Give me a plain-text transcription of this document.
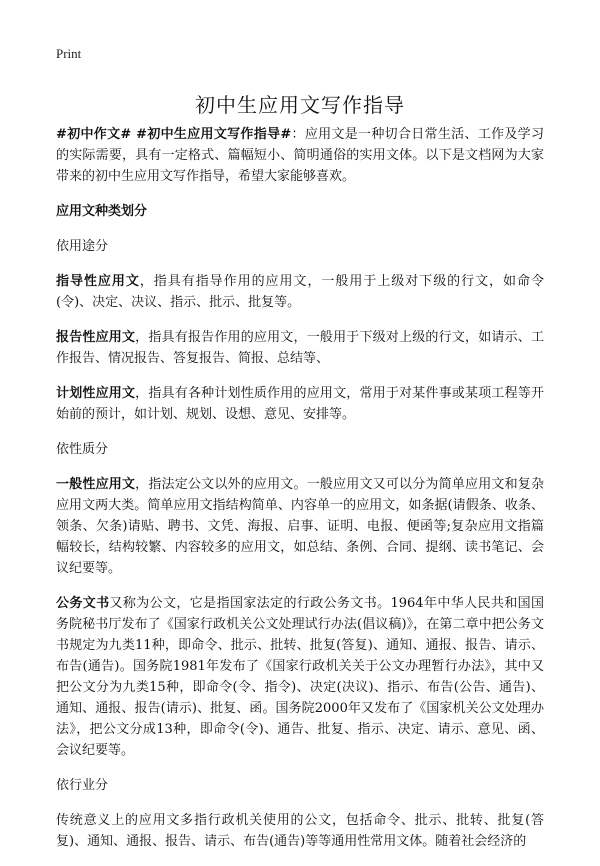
Print
初中生应用文写作指导

#初中作文# #初中生应用文写作指导#：应用文是一种切合日常生活、工作及学习的实际需要，具有一定格式、篇幅短小、简明通俗的实用文体。以下是文档网为大家带来的初中生应用文写作指导，希望大家能够喜欢。

应用文种类划分
依用途分

指导性应用文，指具有指导作用的应用文，一般用于上级对下级的行文，如命令(令)、决定、决议、指示、批示、批复等。

报告性应用文，指具有报告作用的应用文，一般用于下级对上级的行文，如请示、工作报告、情况报告、答复报告、简报、总结等、

计划性应用文，指具有各种计划性质作用的应用文，常用于对某件事或某项工程等开始前的预计，如计划、规划、设想、意见、安排等。

依性质分

一般性应用文，指法定公文以外的应用文。一般应用文又可以分为简单应用文和复杂应用文两大类。简单应用文指结构简单、内容单一的应用文，如条据(请假条、收条、领条、欠条)请贴、聘书、文凭、海报、启事、证明、电报、便函等;复杂应用文指篇幅较长，结构较繁、内容较多的应用文，如总结、条例、合同、提纲、读书笔记、会议纪要等。

公务文书又称为公文，它是指国家法定的行政公务文书。1964年中华人民共和国国务院秘书厅发布了《国家行政机关公文处理试行办法(倡议稿)》，在第二章中把公务文书规定为九类11种，即命令、批示、批转、批复(答复)、通知、通报、报告、请示、布告(通告)。国务院1981年发布了《国家行政机关关于公文办理暂行办法》，其中又把公文分为九类15种，即命令(令、指令)、决定(决议)、指示、布告(公告、通告)、通知、通报、报告(请示)、批复、函。国务院2000年又发布了《国家机关公文处理办法》，把公文分成13种，即命令(令)、通告、批复、指示、决定、请示、意见、函、会议纪要等。

依行业分

传统意义上的应用文多指行政机关使用的公文，包括命令、批示、批转、批复(答复)、通知、通报、报告、请示、布告(通告)等等通用性常用文体。随着社会经济的
